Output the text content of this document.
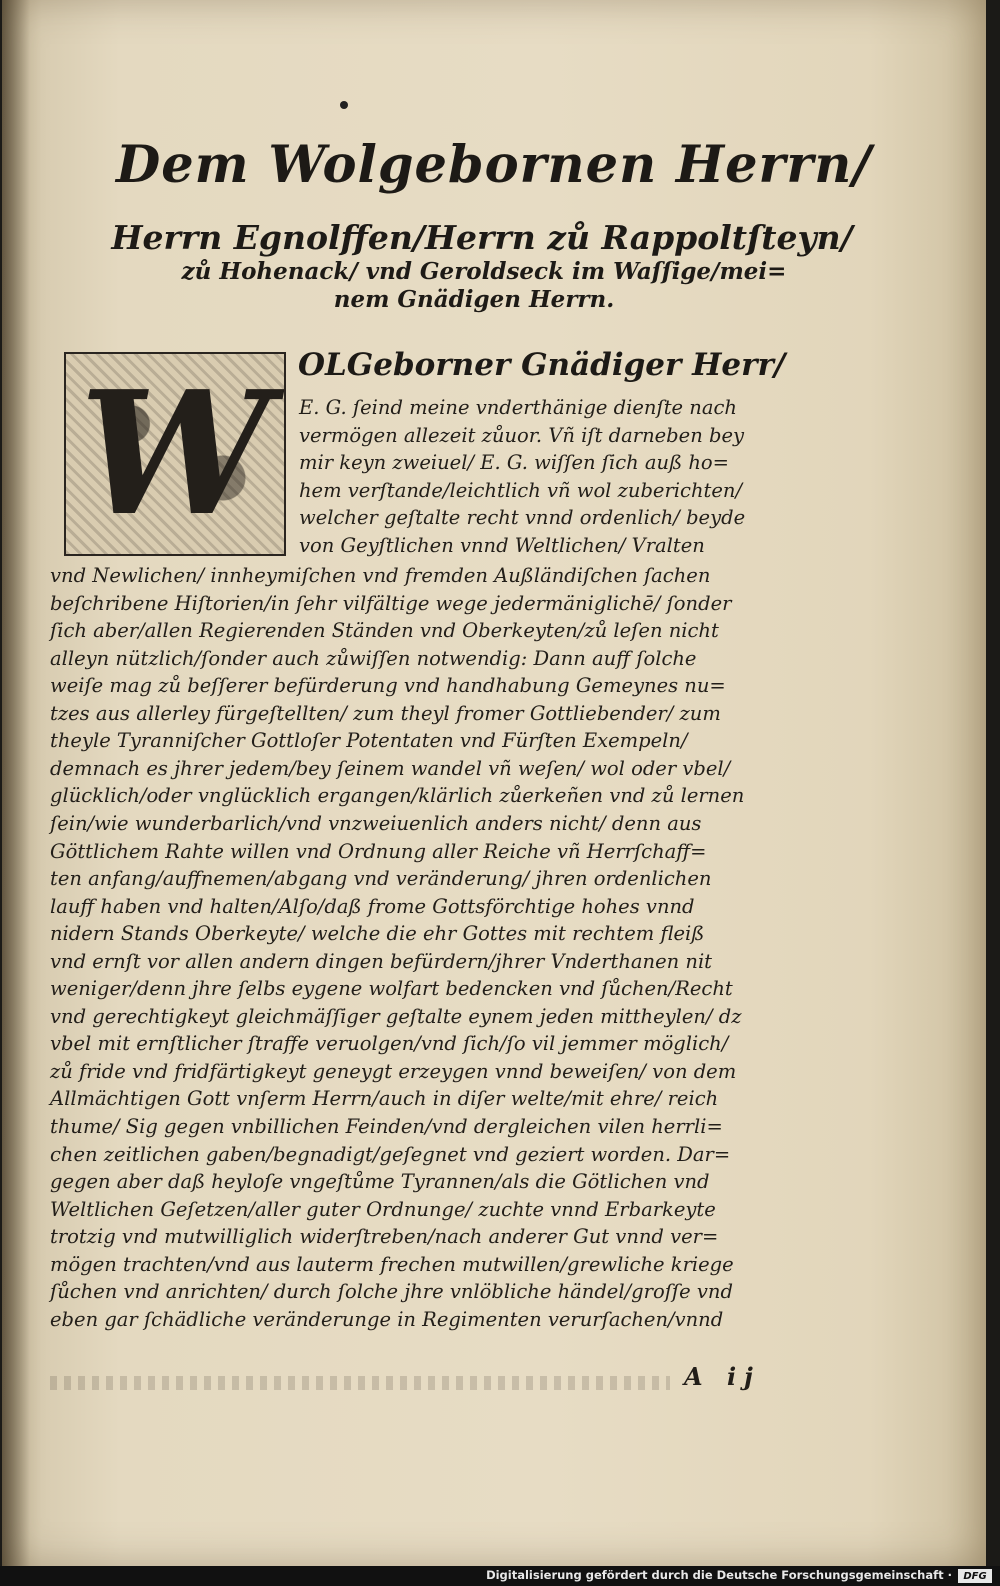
Dem Wolgebornen Herrn/
Herrn Egnolffen/Herrn zů Rappoltſteyn/
zů Hohenack/ vnd Geroldseck im Waſſige/mei=
nem Gnädigen Herrn.
W OLGeborner Gnädiger Herr/
E. G. ſeind meine vnderthänige dienſte nach
vermögen allezeit zůuor. Vñ iſt darneben bey
mir keyn zweiuel/ E. G. wiſſen ſich auß ho=
hem verſtande/leichtlich vñ wol zuberichten/
welcher geſtalte recht vnnd ordenlich/ beyde
von Geyſtlichen vnnd Weltlichen/ Vralten
vnd Newlichen/ innheymiſchen vnd fremden Außländiſchen ſachen
beſchribene Hiſtorien/in ſehr vilfältige wege jedermäniglichē/ ſonder
ſich aber/allen Regierenden Ständen vnd Oberkeyten/zů leſen nicht
alleyn nützlich/ſonder auch zůwiſſen notwendig: Dann auff ſolche
weiſe mag zů beſſerer befürderung vnd handhabung Gemeynes nu=
tzes aus allerley fürgeſtellten/ zum theyl fromer Gottliebender/ zum
theyle Tyranniſcher Gottloſer Potentaten vnd Fürſten Exempeln/
demnach es jhrer jedem/bey ſeinem wandel vñ weſen/ wol oder vbel/
glücklich/oder vnglücklich ergangen/klärlich zůerkeñen vnd zů lernen
ſein/wie wunderbarlich/vnd vnzweiuenlich anders nicht/ denn aus
Göttlichem Rahte willen vnd Ordnung aller Reiche vñ Herrſchaff=
ten anfang/auffnemen/abgang vnd veränderung/ jhren ordenlichen
lauff haben vnd halten/Alſo/daß frome Gottsförchtige hohes vnnd
nidern Stands Oberkeyte/ welche die ehr Gottes mit rechtem fleiß
vnd ernſt vor allen andern dingen befürdern/jhrer Vnderthanen nit
weniger/denn jhre ſelbs eygene wolfart bedencken vnd ſůchen/Recht
vnd gerechtigkeyt gleichmäſſiger geſtalte eynem jeden mittheylen/ dz
vbel mit ernſtlicher ſtraffe veruolgen/vnd ſich/ſo vil jemmer möglich/
zů fride vnd fridfärtigkeyt geneygt erzeygen vnnd beweiſen/ von dem
Allmächtigen Gott vnſerm Herrn/auch in diſer welte/mit ehre/ reich
thume/ Sig gegen vnbillichen Feinden/vnd dergleichen vilen herrli=
chen zeitlichen gaben/begnadigt/geſegnet vnd geziert worden. Dar=
gegen aber daß heyloſe vngeſtůme Tyrannen/als die Götlichen vnd
Weltlichen Geſetzen/aller guter Ordnunge/ zuchte vnnd Erbarkeyte
trotzig vnd mutwilliglich widerſtreben/nach anderer Gut vnnd ver=
mögen trachten/vnd aus lauterm frechen mutwillen/grewliche kriege
ſůchen vnd anrichten/ durch ſolche jhre vnlöbliche händel/groſſe vnd
eben gar ſchädliche veränderunge in Regimenten verurſachen/vnnd
A ij
Digitalisierung gefördert durch die Deutsche Forschungsgemeinschaft ·	DFG
